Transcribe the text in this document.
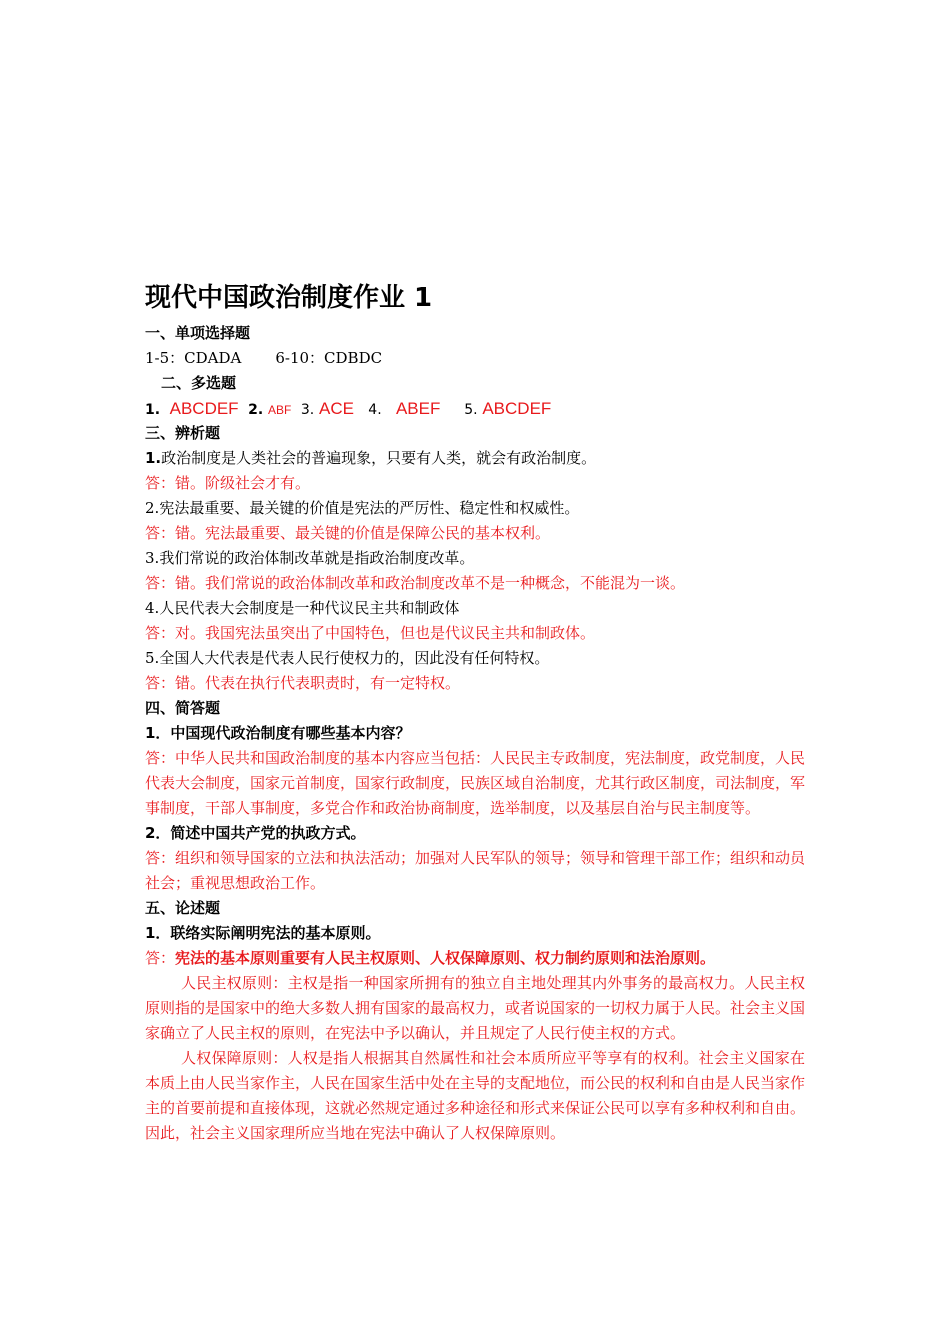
现代中国政治制度作业 1
一、单项选择题
1-5：CDADA 6-10：CDBDC
二、多选题
1. ABCDEF 2. ABF 3. ACE 4. ABEF 5. ABCDEF
三、辨析题
1.政治制度是人类社会的普遍现象，只要有人类，就会有政治制度。
答：错。阶级社会才有。
2.宪法最重要、最关键的价值是宪法的严厉性、稳定性和权威性。
答：错。宪法最重要、最关键的价值是保障公民的基本权利。
3.我们常说的政治体制改革就是指政治制度改革。
答：错。我们常说的政治体制改革和政治制度改革不是一种概念，不能混为一谈。
4.人民代表大会制度是一种代议民主共和制政体
答：对。我国宪法虽突出了中国特色，但也是代议民主共和制政体。
5.全国人大代表是代表人民行使权力的，因此没有任何特权。
答：错。代表在执行代表职责时，有一定特权。
四、简答题
1．中国现代政治制度有哪些基本内容？
答：中华人民共和国政治制度的基本内容应当包括：人民民主专政制度，宪法制度，政党制度，人民代表大会制度，国家元首制度，国家行政制度，民族区域自治制度，尤其行政区制度，司法制度，军事制度，干部人事制度，多党合作和政治协商制度，选举制度，以及基层自治与民主制度等。
2．简述中国共产党的执政方式。
答：组织和领导国家的立法和执法活动；加强对人民军队的领导；领导和管理干部工作；组织和动员社会；重视思想政治工作。
五、论述题
1．联络实际阐明宪法的基本原则。
答：宪法的基本原则重要有人民主权原则、人权保障原则、权力制约原则和法治原则。
人民主权原则：主权是指一种国家所拥有的独立自主地处理其内外事务的最高权力。人民主权原则指的是国家中的绝大多数人拥有国家的最高权力，或者说国家的一切权力属于人民。社会主义国家确立了人民主权的原则，在宪法中予以确认，并且规定了人民行使主权的方式。
人权保障原则：人权是指人根据其自然属性和社会本质所应平等享有的权利。社会主义国家在本质上由人民当家作主，人民在国家生活中处在主导的支配地位，而公民的权利和自由是人民当家作主的首要前提和直接体现，这就必然规定通过多种途径和形式来保证公民可以享有多种权利和自由。因此，社会主义国家理所应当地在宪法中确认了人权保障原则。
